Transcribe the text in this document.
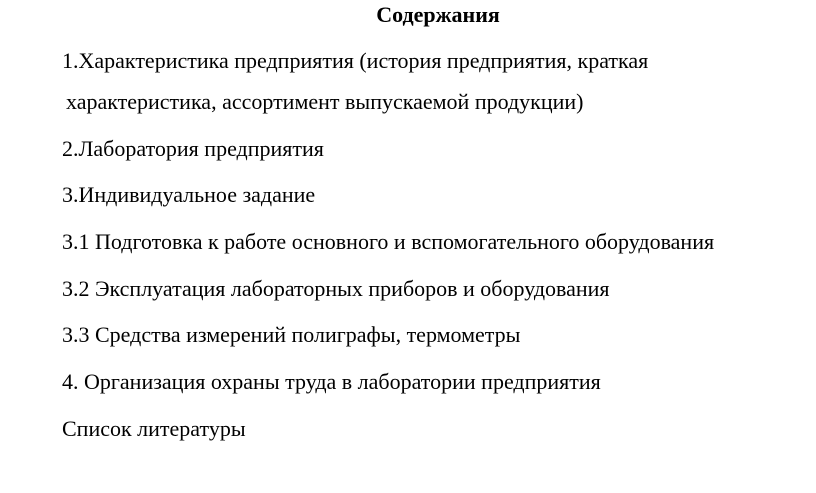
Содержания
1.Характеристика предприятия (история предприятия, краткая
характеристика, ассортимент выпускаемой продукции)
2.Лаборатория предприятия
3.Индивидуальное задание
3.1 Подготовка к работе основного и вспомогательного оборудования
3.2 Эксплуатация лабораторных приборов и оборудования
3.3 Средства измерений полиграфы, термометры
4. Организация охраны труда в лаборатории предприятия
Список литературы
